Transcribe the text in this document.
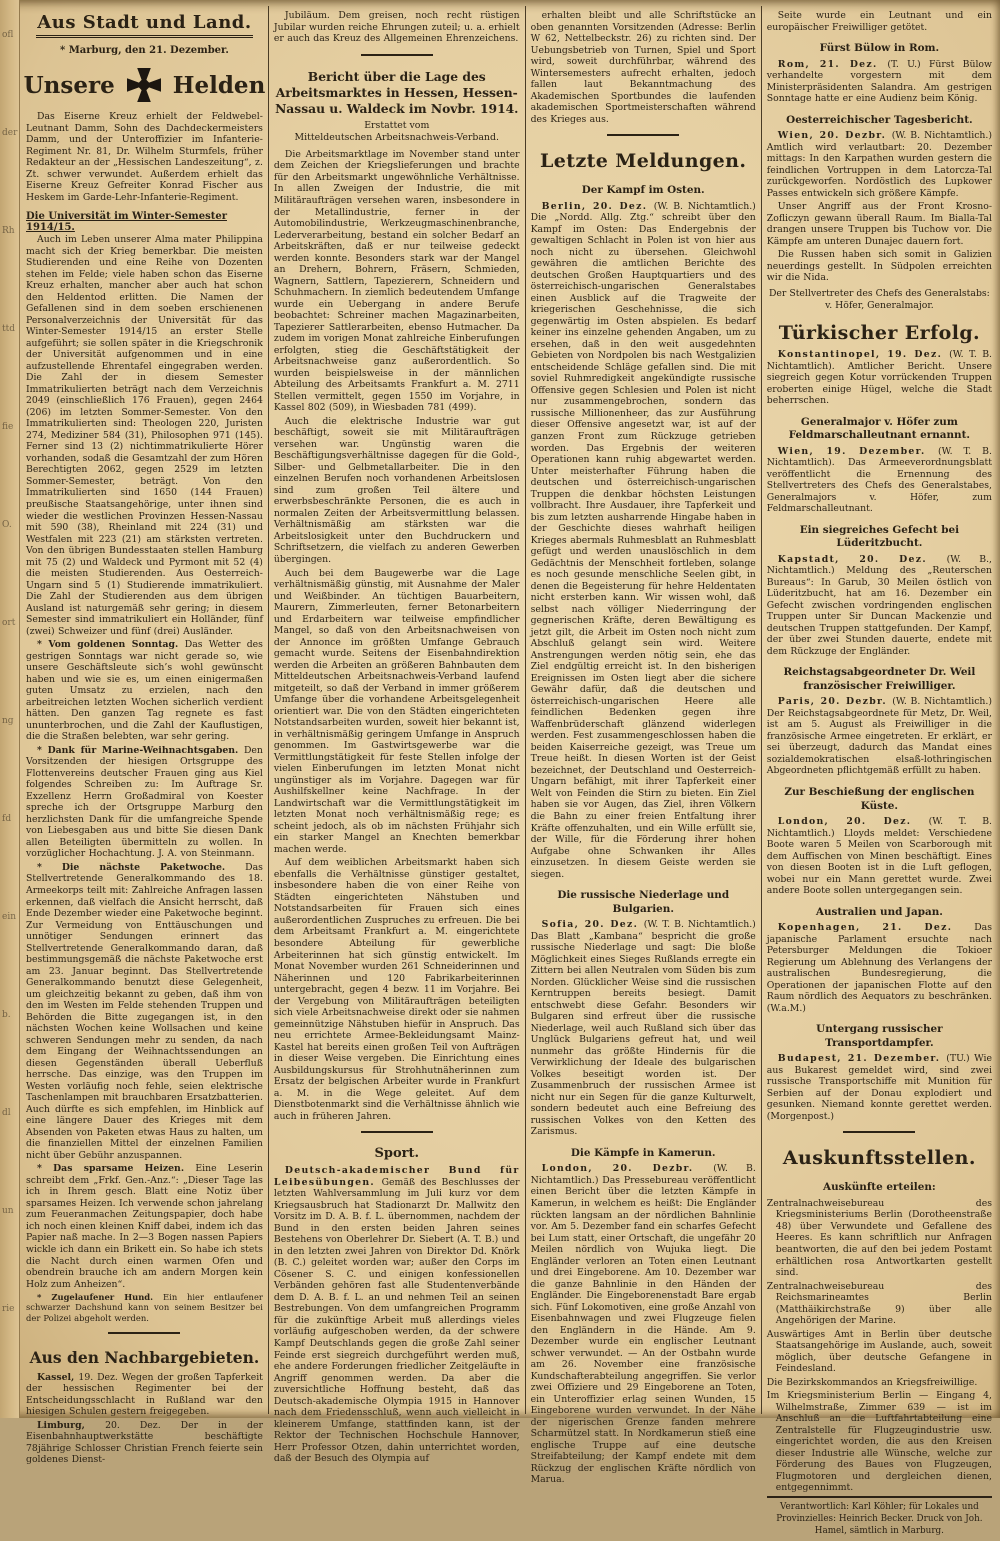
ofl
der
Rh
ttd
fie
O.
ort
ng
fd
ein
b.
dl
un
rie
Aus Stadt und Land.
* Marburg, den 21. Dezember.
Unsere	Helden

Das Eiserne Kreuz erhielt der Feldwebel-Leutnant Damm, Sohn des Dachdeckermeisters Damm, und der Unteroffizier im Infanterie-Regiment Nr. 81, Dr. Wilhelm Sturmfels, früher Redakteur an der „Hessischen Landeszeitung“, z. Zt. schwer verwundet. Außerdem erhielt das Eiserne Kreuz Gefreiter Konrad Fischer aus Heskem im Garde-Lehr-Infanterie-Regiment.

Die Universität im Winter-Semester 1914/15.

Auch im Leben unserer Alma mater Philippina macht sich der Krieg bemerkbar. Die meisten Studierenden und eine Reihe von Dozenten stehen im Felde; viele haben schon das Eiserne Kreuz erhalten, mancher aber auch hat schon den Heldentod erlitten. Die Namen der Gefallenen sind in dem soeben erschienenen Personalverzeichnis der Universität für das Winter-Semester 1914/15 an erster Stelle aufgeführt; sie sollen später in die Kriegschronik der Universität aufgenommen und in eine aufzustellende Ehrentafel eingegraben werden. Die Zahl der in diesem Semester Immatrikulierten beträgt nach dem Verzeichnis 2049 (einschließlich 176 Frauen), gegen 2464 (206) im letzten Sommer-Semester. Von den Immatrikulierten sind: Theologen 220, Juristen 274, Mediziner 584 (31), Philosophen 971 (145). Ferner sind 13 (2) nichtimmatrikulierte Hörer vorhanden, sodaß die Gesamtzahl der zum Hören Berechtigten 2062, gegen 2529 im letzten Sommer-Semester, beträgt. Von den Immatrikulierten sind 1650 (144 Frauen) preußische Staatsangehörige, unter ihnen sind wieder die westlichen Provinzen Hessen-Nassau mit 590 (38), Rheinland mit 224 (31) und Westfalen mit 223 (21) am stärksten vertreten. Von den übrigen Bundesstaaten stellen Hamburg mit 75 (2) und Waldeck und Pyrmont mit 52 (4) die meisten Studierenden. Aus Oesterreich-Ungarn sind 5 (1) Studierende immatrikuliert. Die Zahl der Studierenden aus dem übrigen Ausland ist naturgemäß sehr gering; in diesem Semester sind immatrikuliert ein Holländer, fünf (zwei) Schweizer und fünf (drei) Ausländer.

* Vom goldenen Sonntag. Das Wetter des gestrigen Sonntags war nicht gerade so, wie unsere Geschäftsleute sich’s wohl gewünscht haben und wie sie es, um einen einigermaßen guten Umsatz zu erzielen, nach den arbeitreichen letzten Wochen sicherlich verdient hätten. Den ganzen Tag regnete es fast ununterbrochen, und die Zahl der Kauflustigen, die die Straßen belebten, war sehr gering.

* Dank für Marine-Weihnachtsgaben. Den Vorsitzenden der hiesigen Ortsgruppe des Flottenvereins deutscher Frauen ging aus Kiel folgendes Schreiben zu: Im Auftrage Sr. Exzellenz Herrn Großadmiral von Koester spreche ich der Ortsgruppe Marburg den herzlichsten Dank für die umfangreiche Spende von Liebesgaben aus und bitte Sie diesen Dank allen Beteiligten übermitteln zu wollen. In vorzüglicher Hochachtung. J. A. von Steinmann.

* Die nächste Paketwoche. Das Stellvertretende Generalkommando des 18. Armeekorps teilt mit: Zahlreiche Anfragen lassen erkennen, daß vielfach die Ansicht herrscht, daß Ende Dezember wieder eine Paketwoche beginnt. Zur Vermeidung von Enttäuschungen und unnötiger Sendungen erinnert das Stellvertretende Generalkommando daran, daß bestimmungsgemäß die nächste Paketwoche erst am 23. Januar beginnt. Das Stellvertretende Generalkommando benutzt diese Gelegenheit, um gleichzeitig bekannt zu geben, daß ihm von den im Westen im Felde stehenden Truppen und Behörden die Bitte zugegangen ist, in den nächsten Wochen keine Wollsachen und keine schweren Sendungen mehr zu senden, da nach dem Eingang der Weihnachtssendungen an diesen Gegenständen überall Ueberfluß herrsche. Das einzige, was den Truppen im Westen vorläufig noch fehle, seien elektrische Taschenlampen mit brauchbaren Ersatzbatterien. Auch dürfte es sich empfehlen, im Hinblick auf eine längere Dauer des Krieges mit dem Absenden von Paketen etwas Haus zu halten, um die finanziellen Mittel der einzelnen Familien nicht über Gebühr anzuspannen.

* Das sparsame Heizen. Eine Leserin schreibt dem „Frkf. Gen.-Anz.“: „Dieser Tage las ich in Ihrem gesch. Blatt eine Notiz über sparsames Heizen. Ich verwende schon jahrelang zum Feueranmachen Zeitungspapier, doch habe ich noch einen kleinen Kniff dabei, indem ich das Papier naß mache. In 2—3 Bogen nassen Papiers wickle ich dann ein Brikett ein. So habe ich stets die Nacht durch einen warmen Ofen und obendrein brauche ich am andern Morgen kein Holz zum Anheizen“.

* Zugelaufener Hund. Ein hier entlaufener schwarzer Dachshund kann von seinem Besitzer bei der Polizei abgeholt werden.

Aus den Nachbargebieten.

Kassel, 19. Dez. Wegen der großen Tapferkeit der hessischen Regimenter bei der Entscheidungsschlacht in Rußland war den hiesigen Schulen gestern freigegeben.

Limburg, 20. Dez. Der in der Eisenbahnhauptwerkstätte beschäftigte 78jährige Schlosser Christian French feierte sein goldenes Dienst-

Jubiläum. Dem greisen, noch recht rüstigen Jubilar wurden reiche Ehrungen zuteil; u. a. erhielt er auch das Kreuz des Allgemeinen Ehrenzeichens.

Bericht über die Lage des Arbeitsmarktes in Hessen, Hessen-Nassau u. Waldeck im Novbr. 1914.
Erstattet vom
Mitteldeutschen Arbeitsnachweis-Verband.

Die Arbeitsmarktlage im November stand unter dem Zeichen der Kriegslieferungen und brachte für den Arbeitsmarkt ungewöhnliche Verhältnisse. In allen Zweigen der Industrie, die mit Militäraufträgen versehen waren, insbesondere in der Metallindustrie, ferner in der Automobilindustrie, Werkzeugmaschinenbranche, Lederverarbeitung, bestand ein solcher Bedarf an Arbeitskräften, daß er nur teilweise gedeckt werden konnte. Besonders stark war der Mangel an Drehern, Bohrern, Fräsern, Schmieden, Wagnern, Sattlern, Tapezierern, Schneidern und Schuhmachern. In ziemlich bedeutendem Umfange wurde ein Uebergang in andere Berufe beobachtet: Schreiner machen Magazinarbeiten, Tapezierer Sattlerarbeiten, ebenso Hutmacher. Da zudem im vorigen Monat zahlreiche Einberufungen erfolgten, stieg die Geschäftstätigkeit der Arbeitsnachweise ganz außerordentlich. So wurden beispielsweise in der männlichen Abteilung des Arbeitsamts Frankfurt a. M. 2711 Stellen vermittelt, gegen 1550 im Vorjahre, in Kassel 802 (509), in Wiesbaden 781 (499).

Auch die elektrische Industrie war gut beschäftigt, soweit sie mit Militäraufträgen versehen war. Ungünstig waren die Beschäftigungsverhältnisse dagegen für die Gold-, Silber- und Gelbmetallarbeiter. Die in den einzelnen Berufen noch vorhandenen Arbeitslosen sind zum großen Teil ältere und erwerbsbeschränkte Personen, die es auch in normalen Zeiten der Arbeitsvermittlung belassen. Verhältnismäßig am stärksten war die Arbeitslosigkeit unter den Buchdruckern und Schriftsetzern, die vielfach zu anderen Gewerben übergingen.

Auch bei dem Baugewerbe war die Lage verhältnismäßig günstig, mit Ausnahme der Maler und Weißbinder. An tüchtigen Bauarbeitern, Maurern, Zimmerleuten, ferner Betonarbeitern und Erdarbeitern war teilweise empfindlicher Mangel, so daß von den Arbeitsnachweisen von der Annonce im größten Umfange Gebrauch gemacht wurde. Seitens der Eisenbahndirektion werden die Arbeiten an größeren Bahnbauten dem Mitteldeutschen Arbeitsnachweis-Verband laufend mitgeteilt, so daß der Verband in immer größerem Umfange über die vorhandene Arbeitsgelegenheit orientiert war. Die von den Städten eingerichteten Notstandsarbeiten wurden, soweit hier bekannt ist, in verhältnismäßig geringem Umfange in Anspruch genommen. Im Gastwirtsgewerbe war die Vermittlungstätigkeit für feste Stellen infolge der vielen Einberufungen im letzten Monat nicht ungünstiger als im Vorjahre. Dagegen war für Aushilfskellner keine Nachfrage. In der Landwirtschaft war die Vermittlungstätigkeit im letzten Monat noch verhältnismäßig rege; es scheint jedoch, als ob im nächsten Frühjahr sich ein starker Mangel an Knechten bemerkbar machen werde.

Auf dem weiblichen Arbeitsmarkt haben sich ebenfalls die Verhältnisse günstiger gestaltet, insbesondere haben die von einer Reihe von Städten eingerichteten Nähstuben und Notstandsarbeiten für Frauen sich eines außerordentlichen Zuspruches zu erfreuen. Die bei dem Arbeitsamt Frankfurt a. M. eingerichtete besondere Abteilung für gewerbliche Arbeiterinnen hat sich günstig entwickelt. Im Monat November wurden 261 Schneiderinnen und Näherinnen und 120 Fabrikarbeiterinnen untergebracht, gegen 4 bezw. 11 im Vorjahre. Bei der Vergebung von Militäraufträgen beteiligten sich viele Arbeitsnachweise direkt oder sie nahmen gemeinnützige Nähstuben hiefür in Anspruch. Das neu errichtete Armee-Bekleidungsamt Mainz-Kastel hat bereits einen großen Teil von Aufträgen in dieser Weise vergeben. Die Einrichtung eines Ausbildungskursus für Strohhutnäherinnen zum Ersatz der belgischen Arbeiter wurde in Frankfurt a. M. in die Wege geleitet. Auf dem Dienstbotenmarkt sind die Verhältnisse ähnlich wie auch in früheren Jahren.

Sport.

Deutsch-akademischer Bund für Leibesübungen. Gemäß des Beschlusses der letzten Wahlversammlung im Juli kurz vor dem Kriegsausbruch hat Stadionarzt Dr. Mallwitz den Vorsitz im D. A. B. f. L. übernommen, nachdem der Bund in den ersten beiden Jahren seines Bestehens von Oberlehrer Dr. Siebert (A. T. B.) und in den letzten zwei Jahren von Direktor Dd. Knörk (B. C.) geleitet worden war; außer den Corps im Cösener S. C. und einigen konfessionellen Verbänden gehören fast alle Studentenverbände dem D. A. B. f. L. an und nehmen Teil an seinen Bestrebungen. Von dem umfangreichen Programm für die zukünftige Arbeit muß allerdings vieles vorläufig aufgeschoben werden, da der schwere Kampf Deutschlands gegen die große Zahl seiner Feinde erst siegreich durchgeführt werden muß, ehe andere Forderungen friedlicher Zeitgeläufte in Angriff genommen werden. Da aber die zuversichtliche Hoffnung besteht, daß das Deutsch-akademische Olympia 1915 in Hannover nach dem Friedensschluß, wenn auch vielleicht in kleinerem Umfange, stattfinden kann, ist der Rektor der Technischen Hochschule Hannover, Herr Professor Otzen, dahin unterrichtet worden, daß der Besuch des Olympia auf

erhalten bleibt und alle Schriftstücke an oben genannten Vorsitzenden (Adresse: Berlin W 62, Nettelbeckstr. 26) zu richten sind. Der Uebungsbetrieb von Turnen, Spiel und Sport wird, soweit durchführbar, während des Wintersemesters aufrecht erhalten, jedoch fallen laut Bekanntmachung des Akademischen Sportbundes die laufenden akademischen Sportmeisterschaften während des Krieges aus.

Letzte Meldungen.
Der Kampf im Osten.

Berlin, 20. Dez. (W. B. Nichtamtlich.) Die „Nordd. Allg. Ztg.“ schreibt über den Kampf im Osten: Das Endergebnis der gewaltigen Schlacht in Polen ist von hier aus noch nicht zu übersehen. Gleichwohl gewähren die amtlichen Berichte des deutschen Großen Hauptquartiers und des österreichisch-ungarischen Generalstabes einen Ausblick auf die Tragweite der kriegerischen Geschehnisse, die sich gegenwärtig im Osten abspielen. Es bedarf keiner ins einzelne gehenden Angaben, um zu ersehen, daß in den weit ausgedehnten Gebieten von Nordpolen bis nach Westgalizien entscheidende Schläge gefallen sind. Die mit soviel Ruhmredigkeit angekündigte russische Offensive gegen Schlesien und Polen ist nicht nur zusammengebrochen, sondern das russische Millionenheer, das zur Ausführung dieser Offensive angesetzt war, ist auf der ganzen Front zum Rückzuge getrieben worden. Das Ergebnis der weiteren Operationen kann ruhig abgewartet werden. Unter meisterhafter Führung haben die deutschen und österreichisch-ungarischen Truppen die denkbar höchsten Leistungen vollbracht. Ihre Ausdauer, ihre Tapferkeit und bis zum letzten ausharrende Hingabe haben in der Geschichte dieses wahrhaft heiligen Krieges abermals Ruhmesblatt an Ruhmesblatt gefügt und werden unauslöschlich in dem Gedächtnis der Menschheit fortleben, solange es noch gesunde menschliche Seelen gibt, in denen die Begeisterung für hehre Heldentaten nicht ersterben kann. Wir wissen wohl, daß selbst nach völliger Niederringung der gegnerischen Kräfte, deren Bewältigung es jetzt gilt, die Arbeit im Osten noch nicht zum Abschluß gelangt sein wird. Weitere Anstrengungen werden nötig sein, ehe das Ziel endgültig erreicht ist. In den bisherigen Ereignissen im Osten liegt aber die sichere Gewähr dafür, daß die deutschen und österreichisch-ungarischen Heere alle feindlichen Bedenken gegen ihre Waffenbrüderschaft glänzend widerlegen werden. Fest zusammengeschlossen haben die beiden Kaiserreiche gezeigt, was Treue um Treue heißt. In diesen Worten ist der Geist bezeichnet, der Deutschland und Oesterreich-Ungarn befähigt, mit ihrer Tapferkeit einer Welt von Feinden die Stirn zu bieten. Ein Ziel haben sie vor Augen, das Ziel, ihren Völkern die Bahn zu einer freien Entfaltung ihrer Kräfte offenzuhalten, und ein Wille erfüllt sie, der Wille, für die Förderung ihrer hohen Aufgabe ohne Schwanken ihr Alles einzusetzen. In diesem Geiste werden sie siegen.

Die russische Niederlage und Bulgarien.

Sofia, 20. Dez. (W. T. B. Nichtamtlich.) Das Blatt „Kambana“ bespricht die große russische Niederlage und sagt: Die bloße Möglichkeit eines Sieges Rußlands erregte ein Zittern bei allen Neutralen vom Süden bis zum Norden. Glücklicher Weise sind die russischen Kerntruppen bereits besiegt. Damit entschwebt diese Gefahr. Besonders wir Bulgaren sind erfreut über die russische Niederlage, weil auch Rußland sich über das Unglück Bulgariens gefreut hat, und weil nunmehr das größte Hindernis für die Verwirklichung der Ideale des bulgarischen Volkes beseitigt worden ist. Der Zusammenbruch der russischen Armee ist nicht nur ein Segen für die ganze Kulturwelt, sondern bedeutet auch eine Befreiung des russischen Volkes von den Ketten des Zarismus.

Die Kämpfe in Kamerun.

London, 20. Dezbr. (W. B. Nichtamtlich.) Das Pressebureau veröffentlicht einen Bericht über die letzten Kämpfe in Kamerun, in welchem es heißt: Die Engländer rückten langsam an der nördlichen Bahnlinie vor. Am 5. Dezember fand ein scharfes Gefecht bei Lum statt, einer Ortschaft, die ungefähr 20 Meilen nördlich von Wujuka liegt. Die Engländer verloren an Toten einen Leutnant und drei Eingeborene. Am 10. Dezember war die ganze Bahnlinie in den Händen der Engländer. Die Eingeborenenstadt Bare ergab sich. Fünf Lokomotiven, eine große Anzahl von Eisenbahnwagen und zwei Flugzeuge fielen den Engländern in die Hände. Am 9. Dezember wurde ein englischer Leutnant schwer verwundet. — An der Ostbahn wurde am 26. November eine französische Kundschafterabteilung angegriffen. Sie verlor zwei Offiziere und 29 Eingeborene an Toten, ein Unteroffizier erlag seinen Wunden, 15 Eingeborene wurden verwundet. In der Nähe der nigerischen Grenze fanden mehrere Scharmützel statt. In Nordkamerun stieß eine englische Truppe auf eine deutsche Streifabteilung; der Kampf endete mit dem Rückzug der englischen Kräfte nördlich von Marua.

Seite wurde ein Leutnant und ein europäischer Freiwilliger getötet.

Fürst Bülow in Rom.

Rom, 21. Dez. (T. U.) Fürst Bülow verhandelte vorgestern mit dem Ministerpräsidenten Salandra. Am gestrigen Sonntage hatte er eine Audienz beim König.

Oesterreichischer Tagesbericht.

Wien, 20. Dezbr. (W. B. Nichtamtlich.) Amtlich wird verlautbart: 20. Dezember mittags: In den Karpathen wurden gestern die feindlichen Vortruppen in dem Latorcza-Tal zurückgeworfen. Nordöstlich des Lupkower Passes entwickeln sich größere Kämpfe.

Unser Angriff aus der Front Krosno-Zofliczyn gewann überall Raum. Im Bialla-Tal drangen unsere Truppen bis Tuchow vor. Die Kämpfe am unteren Dunajec dauern fort.

Die Russen haben sich somit in Galizien neuerdings gestellt. In Südpolen erreichten wir die Nida.

Der Stellvertreter des Chefs des Generalstabs:
v. Höfer, Generalmajor.
Türkischer Erfolg.

Konstantinopel, 19. Dez. (W. T. B. Nichtamtlich). Amtlicher Bericht. Unsere siegreich gegen Kotur vorrückenden Truppen eroberten einige Hügel, welche die Stadt beherrschen.

Generalmajor v. Höfer zum Feldmarschalleutnant ernannt.

Wien, 19. Dezember. (W. T. B. Nichtamtlich). Das Armeeverordnungsblatt veröffentlicht die Ernennung des Stellvertreters des Chefs des Generalstabes, Generalmajors v. Höfer, zum Feldmarschalleutnant.

Ein siegreiches Gefecht bei Lüderitzbucht.

Kapstadt, 20. Dez. (W. B., Nichtamtlich.) Meldung des „Reuterschen Bureaus“: In Garub, 30 Meilen östlich von Lüderitzbucht, hat am 16. Dezember ein Gefecht zwischen vordringenden englischen Truppen unter Sir Duncan Mackenzie und deutschen Truppen stattgefunden. Der Kampf, der über zwei Stunden dauerte, endete mit dem Rückzuge der Engländer.

Reichstagsabgeordneter Dr. Weil französischer Freiwilliger.

Paris, 20. Dezbr. (W. B. Nichtamtlich.) Der Reichstagsabgeordnete für Metz, Dr. Weil, ist am 5. August als Freiwilliger in die französische Armee eingetreten. Er erklärt, er sei überzeugt, dadurch das Mandat eines sozialdemokratischen elsaß-lothringischen Abgeordneten pflichtgemäß erfüllt zu haben.

Zur Beschießung der englischen Küste.

London, 20. Dez. (W. T. B. Nichtamtlich.) Lloyds meldet: Verschiedene Boote waren 5 Meilen von Scarborough mit dem Auffischen von Minen beschäftigt. Eines von diesen Booten ist in die Luft geflogen, wobei nur ein Mann gerettet wurde. Zwei andere Boote sollen untergegangen sein.

Australien und Japan.

Kopenhagen, 21. Dez. Das japanische Parlament ersuchte nach Petersburger Meldungen die Tokioer Regierung um Ablehnung des Verlangens der australischen Bundesregierung, die Operationen der japanischen Flotte auf den Raum nördlich des Aequators zu beschränken. (W.a.M.)

Untergang russischer Transportdampfer.

Budapest, 21. Dezember. (TU.) Wie aus Bukarest gemeldet wird, sind zwei russische Transportschiffe mit Munition für Serbien auf der Donau explodiert und gesunken. Niemand konnte gerettet werden. (Morgenpost.)

Auskunftsstellen.
Auskünfte erteilen:

Zentralnachweisebureau des Kriegsministeriums Berlin (Dorotheenstraße 48) über Verwundete und Gefallene des Heeres. Es kann schriftlich nur Anfragen beantworten, die auf den bei jedem Postamt erhältlichen rosa Antwortkarten gestellt sind.

Zentralnachweisebureau des Reichsmarineamtes Berlin (Matthäikirchstraße 9) über alle Angehörigen der Marine.

Auswärtiges Amt in Berlin über deutsche Staatsangehörige im Auslande, auch, soweit möglich, über deutsche Gefangene in Feindesland.

Die Bezirkskommandos an Kriegsfreiwillige.

Im Kriegsministerium Berlin — Eingang 4, Wilhelmstraße, Zimmer 639 — ist im Anschluß an die Luftfahrtabteilung eine Zentralstelle für Flugzeugindustrie usw. eingerichtet worden, die aus den Kreisen dieser Industrie alle Wünsche, welche zur Förderung des Baues von Flugzeugen, Flugmotoren und dergleichen dienen, entgegennimmt.

Verantwortlich: Karl Köhler; für Lokales und Provinzielles: Heinrich Becker. Druck von Joh. Hamel, sämtlich in Marburg.
